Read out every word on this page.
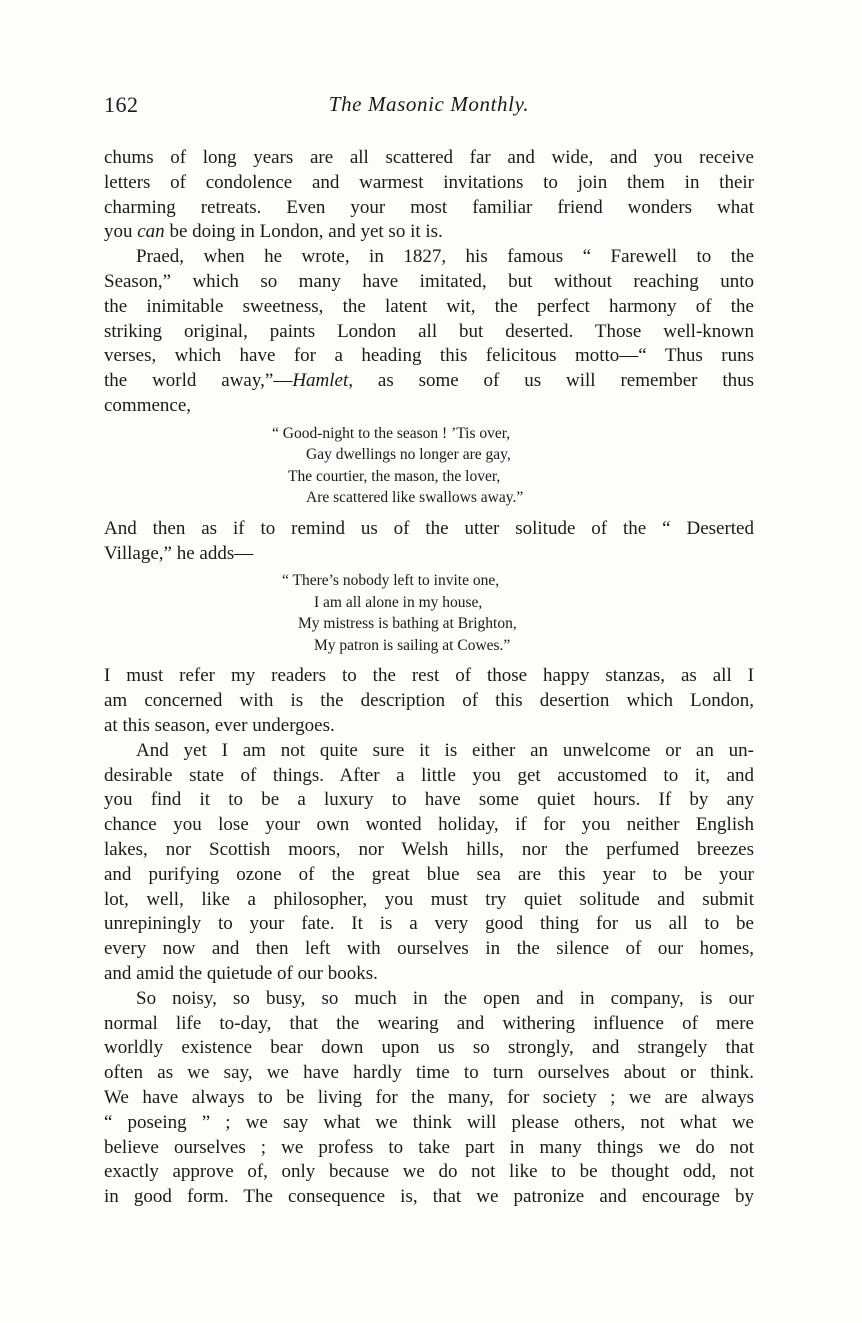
162	The Masonic Monthly.

chums of long years are all scattered far and wide, and you receive
letters of condolence and warmest invitations to join them in their
charming retreats. Even your most familiar friend wonders what
you can be doing in London, and yet so it is.

Praed, when he wrote, in 1827, his famous “ Farewell to the
Season,” which so many have imitated, but without reaching unto
the inimitable sweetness, the latent wit, the perfect harmony of the
striking original, paints London all but deserted. Those well-known
verses, which have for a heading this felicitous motto—“ Thus runs
the world away,”—Hamlet, as some of us will remember thus
commence,

“ Good-night to the season ! ’Tis over,
Gay dwellings no longer are gay,
The courtier, the mason, the lover,
Are scattered like swallows away.”

And then as if to remind us of the utter solitude of the “ Deserted
Village,” he adds—

“ There’s nobody left to invite one,
I am all alone in my house,
My mistress is bathing at Brighton,
My patron is sailing at Cowes.”

I must refer my readers to the rest of those happy stanzas, as all I
am concerned with is the description of this desertion which London,
at this season, ever undergoes.

And yet I am not quite sure it is either an unwelcome or an un-
desirable state of things. After a little you get accustomed to it, and
you find it to be a luxury to have some quiet hours. If by any
chance you lose your own wonted holiday, if for you neither English
lakes, nor Scottish moors, nor Welsh hills, nor the perfumed breezes
and purifying ozone of the great blue sea are this year to be your
lot, well, like a philosopher, you must try quiet solitude and submit
unrepiningly to your fate. It is a very good thing for us all to be
every now and then left with ourselves in the silence of our homes,
and amid the quietude of our books.

So noisy, so busy, so much in the open and in company, is our
normal life to-day, that the wearing and withering influence of mere
worldly existence bear down upon us so strongly, and strangely that
often as we say, we have hardly time to turn ourselves about or think.
We have always to be living for the many, for society ; we are always
“ poseing ” ; we say what we think will please others, not what we
believe ourselves ; we profess to take part in many things we do not
exactly approve of, only because we do not like to be thought odd, not
in good form. The consequence is, that we patronize and encourage by
